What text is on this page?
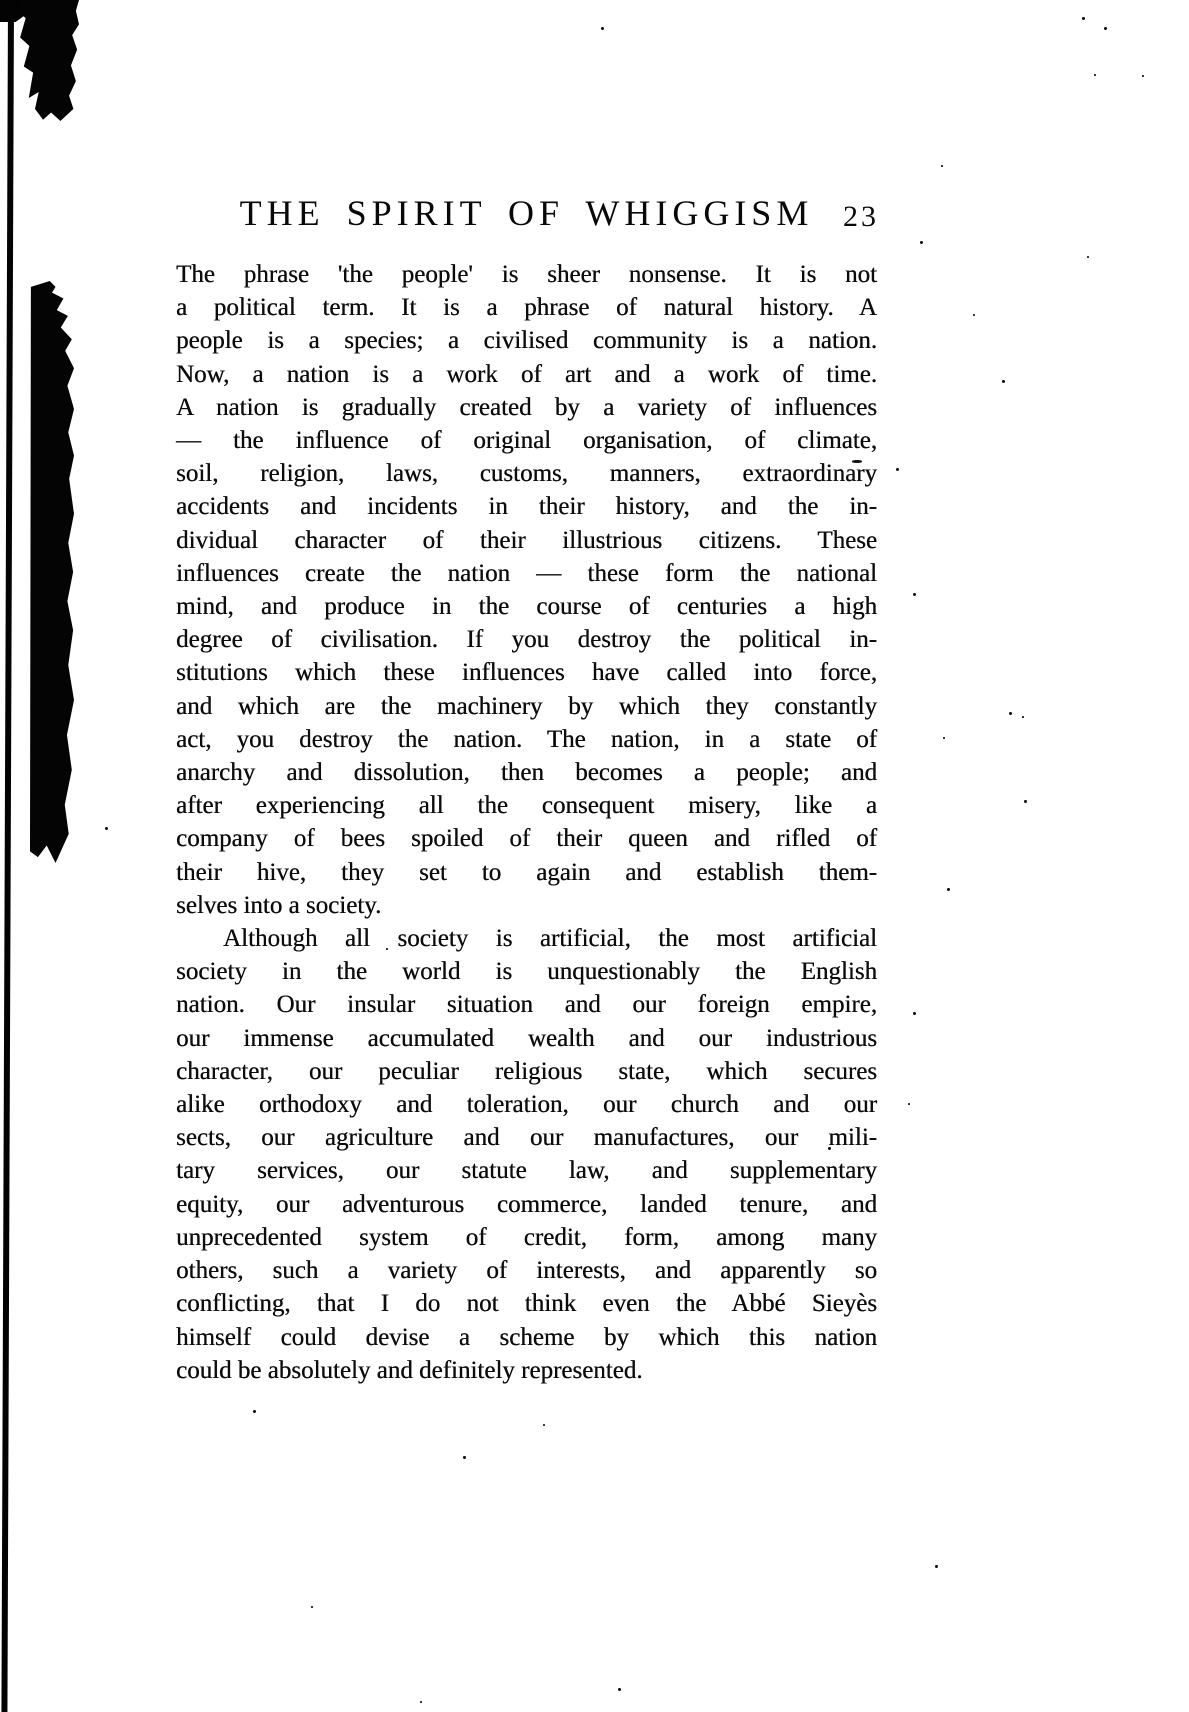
THE SPIRIT OF WHIGGISM 23
The phrase 'the people' is sheer nonsense. It is not
a political term. It is a phrase of natural history. A
people is a species; a civilised community is a nation.
Now, a nation is a work of art and a work of time.
A nation is gradually created by a variety of influences
— the influence of original organisation, of climate,
soil, religion, laws, customs, manners, extraordinary
accidents and incidents in their history, and the in-
dividual character of their illustrious citizens. These
influences create the nation — these form the national
mind, and produce in the course of centuries a high
degree of civilisation. If you destroy the political in-
stitutions which these influences have called into force,
and which are the machinery by which they constantly
act, you destroy the nation. The nation, in a state of
anarchy and dissolution, then becomes a people; and
after experiencing all the consequent misery, like a
company of bees spoiled of their queen and rifled of
their hive, they set to again and establish them-
selves into a society.
Although all society is artificial, the most artificial
society in the world is unquestionably the English
nation. Our insular situation and our foreign empire,
our immense accumulated wealth and our industrious
character, our peculiar religious state, which secures
alike orthodoxy and toleration, our church and our
sects, our agriculture and our manufactures, our mili-
tary services, our statute law, and supplementary
equity, our adventurous commerce, landed tenure, and
unprecedented system of credit, form, among many
others, such a variety of interests, and apparently so
conflicting, that I do not think even the Abbé Sieyès
himself could devise a scheme by which this nation
could be absolutely and definitely represented.
